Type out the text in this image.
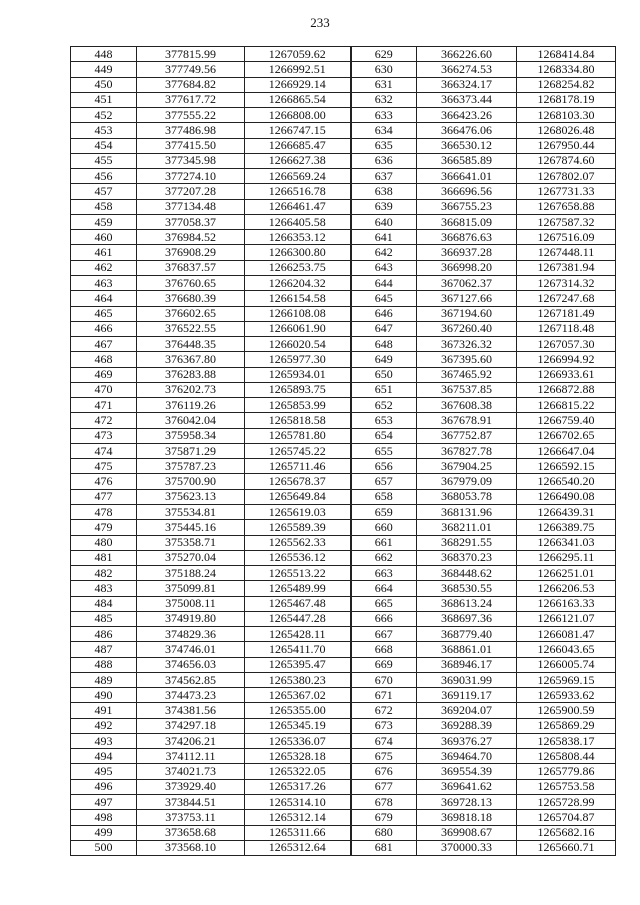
233
448	377815.99	1267059.62	629	366226.60	1268414.84
449	377749.56	1266992.51	630	366274.53	1268334.80
450	377684.82	1266929.14	631	366324.17	1268254.82
451	377617.72	1266865.54	632	366373.44	1268178.19
452	377555.22	1266808.00	633	366423.26	1268103.30
453	377486.98	1266747.15	634	366476.06	1268026.48
454	377415.50	1266685.47	635	366530.12	1267950.44
455	377345.98	1266627.38	636	366585.89	1267874.60
456	377274.10	1266569.24	637	366641.01	1267802.07
457	377207.28	1266516.78	638	366696.56	1267731.33
458	377134.48	1266461.47	639	366755.23	1267658.88
459	377058.37	1266405.58	640	366815.09	1267587.32
460	376984.52	1266353.12	641	366876.63	1267516.09
461	376908.29	1266300.80	642	366937.28	1267448.11
462	376837.57	1266253.75	643	366998.20	1267381.94
463	376760.65	1266204.32	644	367062.37	1267314.32
464	376680.39	1266154.58	645	367127.66	1267247.68
465	376602.65	1266108.08	646	367194.60	1267181.49
466	376522.55	1266061.90	647	367260.40	1267118.48
467	376448.35	1266020.54	648	367326.32	1267057.30
468	376367.80	1265977.30	649	367395.60	1266994.92
469	376283.88	1265934.01	650	367465.92	1266933.61
470	376202.73	1265893.75	651	367537.85	1266872.88
471	376119.26	1265853.99	652	367608.38	1266815.22
472	376042.04	1265818.58	653	367678.91	1266759.40
473	375958.34	1265781.80	654	367752.87	1266702.65
474	375871.29	1265745.22	655	367827.78	1266647.04
475	375787.23	1265711.46	656	367904.25	1266592.15
476	375700.90	1265678.37	657	367979.09	1266540.20
477	375623.13	1265649.84	658	368053.78	1266490.08
478	375534.81	1265619.03	659	368131.96	1266439.31
479	375445.16	1265589.39	660	368211.01	1266389.75
480	375358.71	1265562.33	661	368291.55	1266341.03
481	375270.04	1265536.12	662	368370.23	1266295.11
482	375188.24	1265513.22	663	368448.62	1266251.01
483	375099.81	1265489.99	664	368530.55	1266206.53
484	375008.11	1265467.48	665	368613.24	1266163.33
485	374919.80	1265447.28	666	368697.36	1266121.07
486	374829.36	1265428.11	667	368779.40	1266081.47
487	374746.01	1265411.70	668	368861.01	1266043.65
488	374656.03	1265395.47	669	368946.17	1266005.74
489	374562.85	1265380.23	670	369031.99	1265969.15
490	374473.23	1265367.02	671	369119.17	1265933.62
491	374381.56	1265355.00	672	369204.07	1265900.59
492	374297.18	1265345.19	673	369288.39	1265869.29
493	374206.21	1265336.07	674	369376.27	1265838.17
494	374112.11	1265328.18	675	369464.70	1265808.44
495	374021.73	1265322.05	676	369554.39	1265779.86
496	373929.40	1265317.26	677	369641.62	1265753.58
497	373844.51	1265314.10	678	369728.13	1265728.99
498	373753.11	1265312.14	679	369818.18	1265704.87
499	373658.68	1265311.66	680	369908.67	1265682.16
500	373568.10	1265312.64	681	370000.33	1265660.71
